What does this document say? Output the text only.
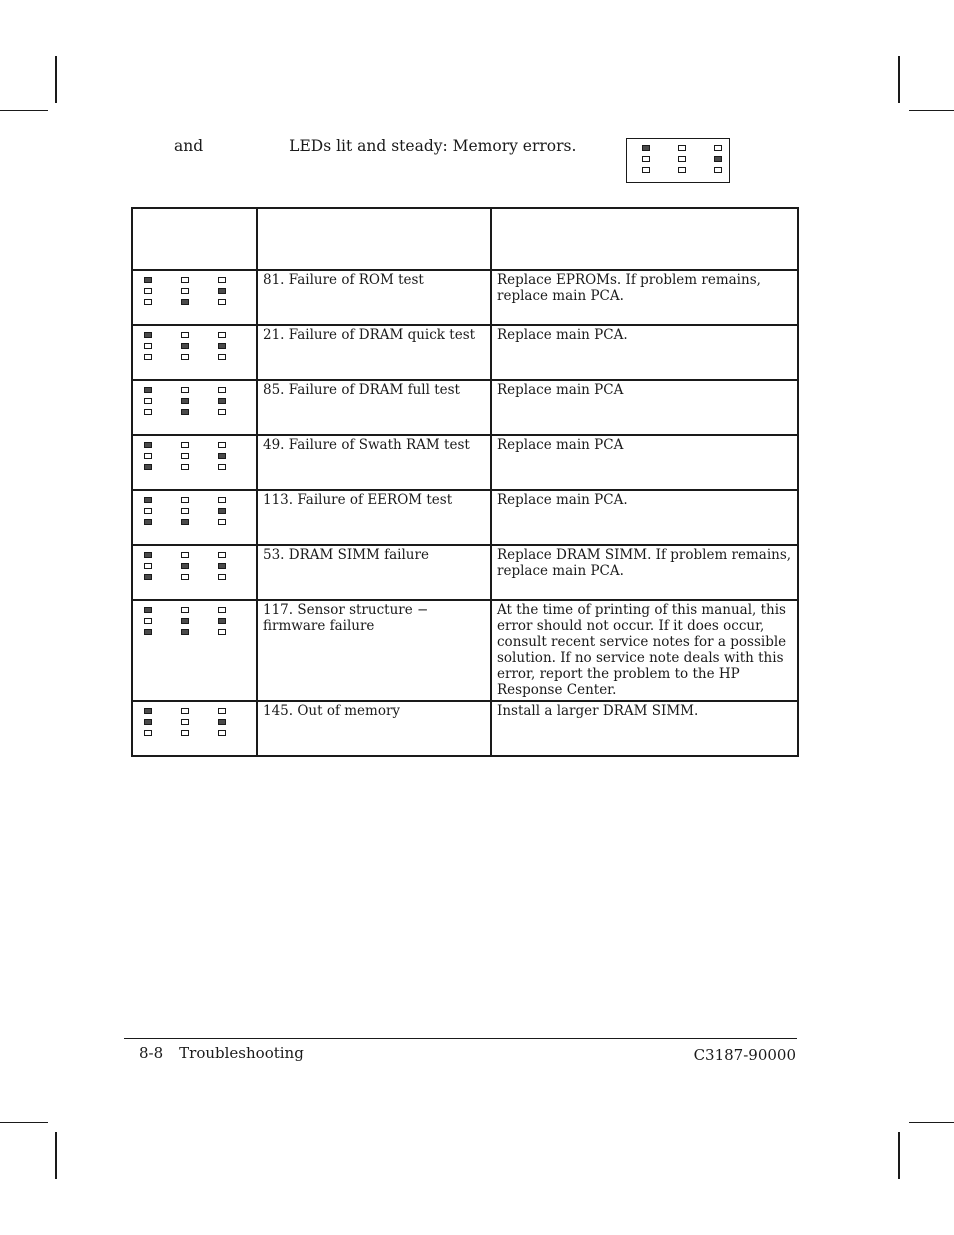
and	LEDs lit and steady: Memory errors.

	81. Failure of ROM test	Replace EPROMs. If problem remains, replace main PCA.

	21. Failure of DRAM quick test	Replace main PCA.

	85. Failure of DRAM full test	Replace main PCA

	49. Failure of Swath RAM test	Replace main PCA

	113. Failure of EEROM test	Replace main PCA.

	53. DRAM SIMM failure	Replace DRAM SIMM. If problem remains, replace main PCA.

	117. Sensor structure − firmware failure	At the time of printing of this manual, this error should not occur. If it does occur, consult recent service notes for a possible solution. If no service note deals with this error, report the problem to the HP Response Center.

	145. Out of memory	Install a larger DRAM SIMM.
8-8 Troubleshooting	C3187-90000
